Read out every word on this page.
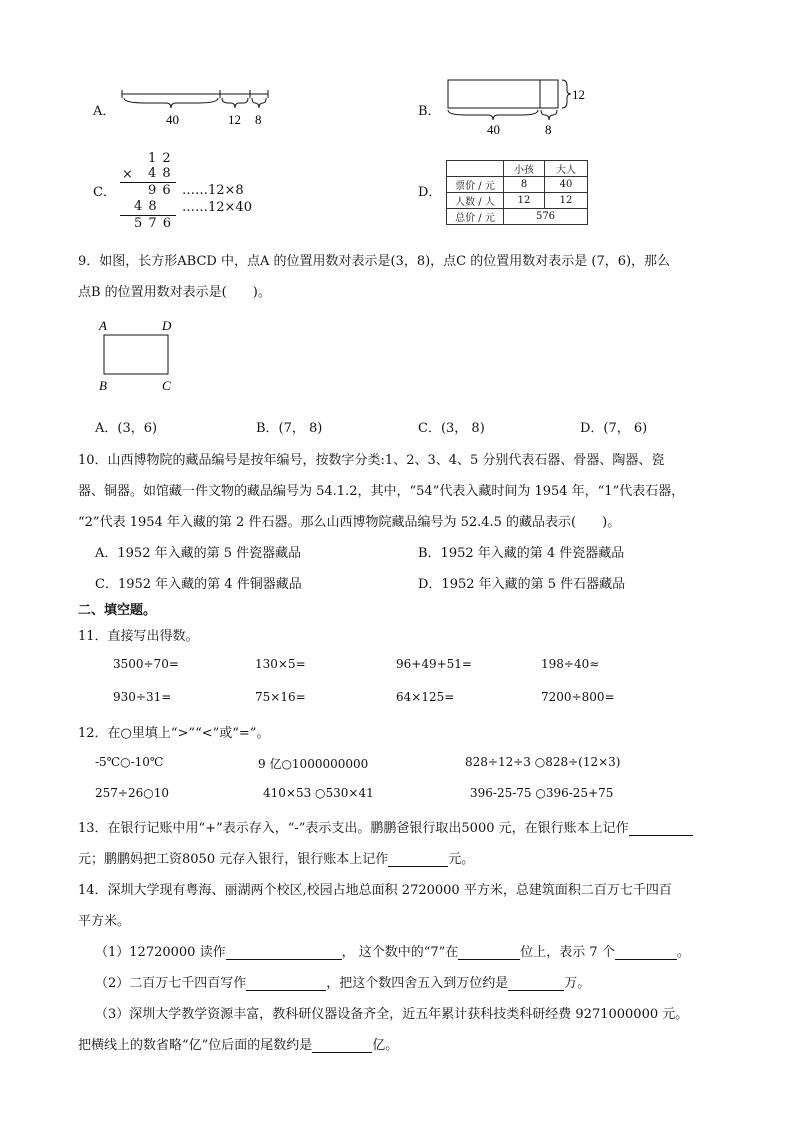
A．
40	12 8
B．
12
40	8
C．
1 2
× 4 8
9 6 ……12×8
4 8 ……12×40
5 7 6
D．
	小孩	大人
票价 / 元	8	40
人数 / 人	12	12
总价 / 元	576	
9．如图，长方形ABCD 中，点A 的位置用数对表示是(3，8)，点C 的位置用数对表示是 (7，6)，那么
点B 的位置用数对表示是(　　)。
A	D
B	C
A．(3，6)	B．(7， 8)	C．(3， 8)	D．(7， 6)
10．山西博物院的藏品编号是按年编号，按数字分类:1、2、3、4、5 分别代表石器、骨器、陶器、瓷
器、铜器。如馆藏一件文物的藏品编号为 54.1.2，其中，“54”代表入藏时间为 1954 年，“1”代表石器，
“2”代表 1954 年入藏的第 2 件石器。那么山西博物院藏品编号为 52.4.5 的藏品表示(　　)。
A．1952 年入藏的第 5 件瓷器藏品	B．1952 年入藏的第 4 件瓷器藏品
C．1952 年入藏的第 4 件铜器藏品	D．1952 年入藏的第 5 件石器藏品
二、填空题。
11．直接写出得数。
3500÷70=	130×5=	96+49+51=	198÷40≈
930÷31=	75×16=	64×125=	7200÷800=
12．在○里填上“>”“<”或“=”。
-5℃○-10℃	9 亿○1000000000	828÷12÷3 ○828÷(12×3)
257÷26○10	410×53 ○530×41	396-25-75 ○396-25+75
13．在银行记账中用“+”表示存入，“-”表示支出。鹏鹏爸银行取出5000 元，在银行账本上记作
元；鹏鹏妈把工资8050 元存入银行，银行账本上记作	元。
14．深圳大学现有粤海、丽湖两个校区,校园占地总面积 2720000 平方米，总建筑面积二百万七千四百
平方米。
（1）12720000 读作	， 这个数中的“7”在	位上，表示 7 个	。
（2）二百万七千四百写作	，把这个数四舍五入到万位约是	万。
（3）深圳大学教学资源丰富，教科研仪器设备齐全，近五年累计获科技类科研经费 9271000000 元。
把横线上的数省略“亿”位后面的尾数约是	亿。
